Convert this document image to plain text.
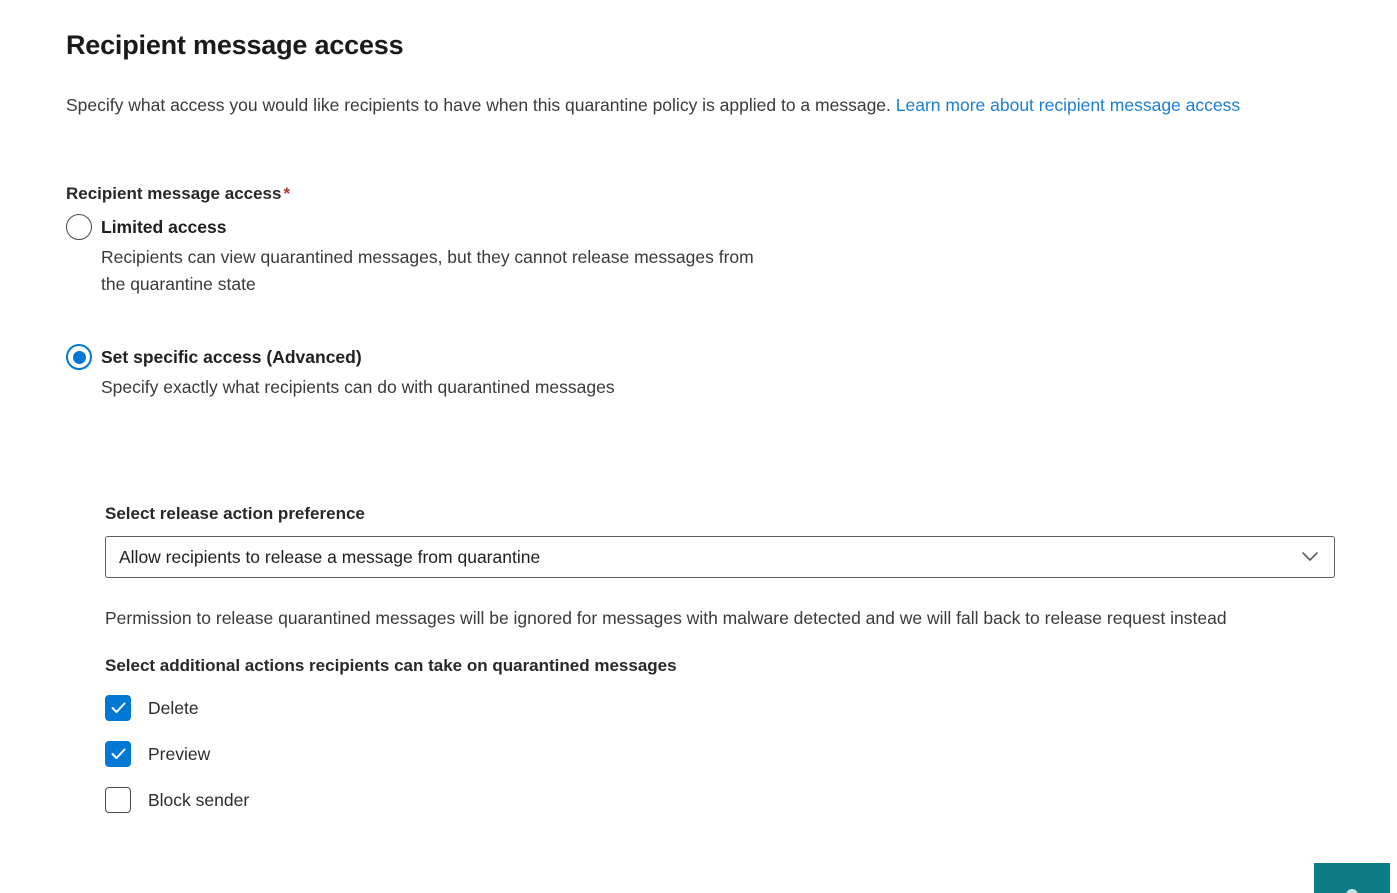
Recipient message access

Specify what access you would like recipients to have when this quarantine policy is applied to a message. Learn more about recipient message access

Recipient message access *
Limited access
Recipients can view quarantined messages, but they cannot release messages from the quarantine state
Set specific access (Advanced)
Specify exactly what recipients can do with quarantined messages
Select release action preference
Allow recipients to release a message from quarantine

Permission to release quarantined messages will be ignored for messages with malware detected and we will fall back to release request instead

Select additional actions recipients can take on quarantined messages
Delete
Preview
Block sender
